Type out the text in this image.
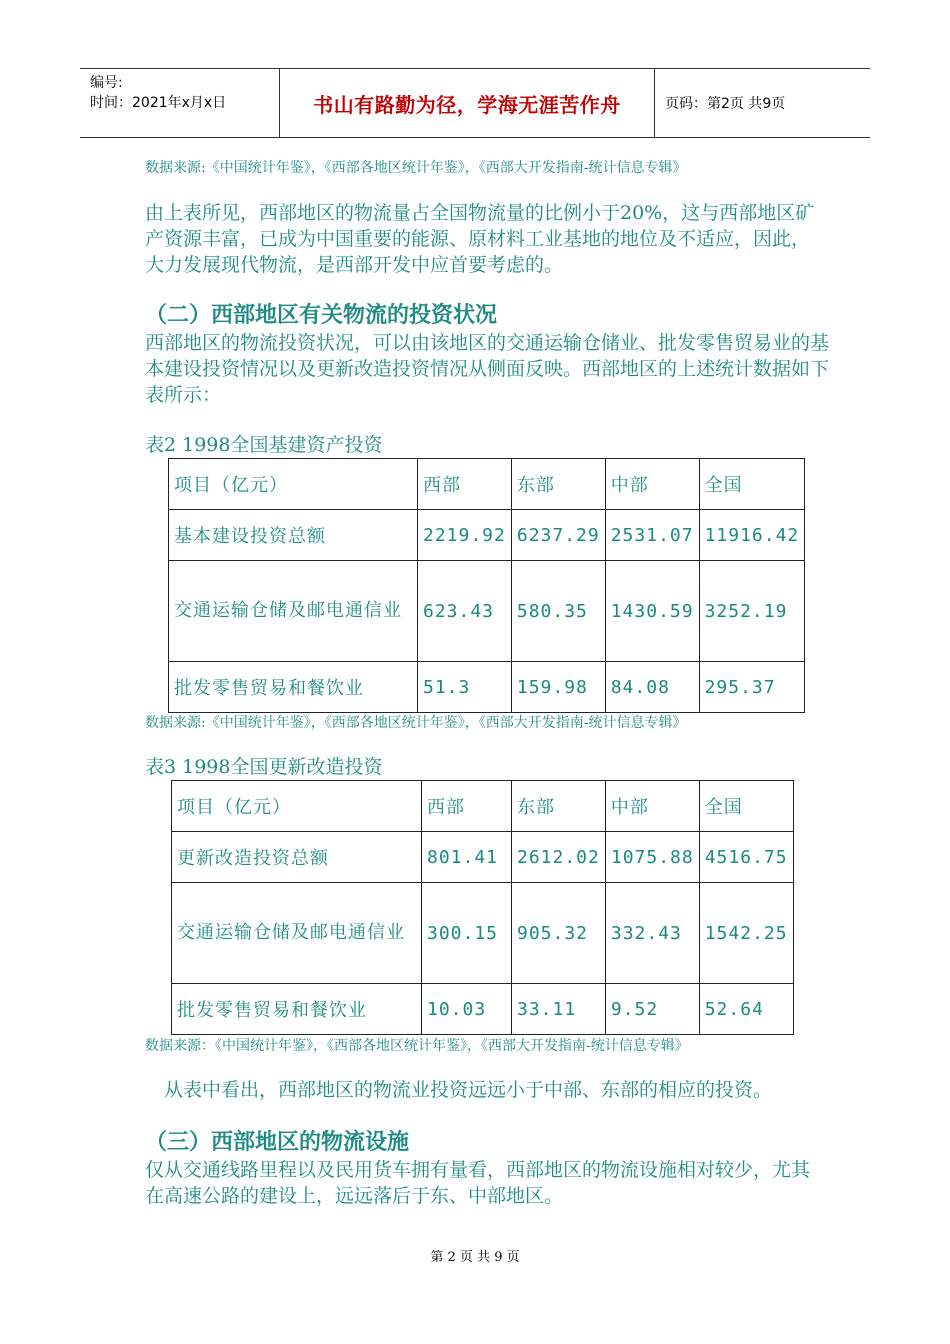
编号:
时间：2021年x月x日	书山有路勤为径，学海无涯苦作舟	页码：第2页 共9页
数据来源:《中国统计年鉴》，《西部各地区统计年鉴》，《西部大开发指南-统计信息专辑》
由上表所见，西部地区的物流量占全国物流量的比例小于20%，这与西部地区矿产资源丰富，已成为中国重要的能源、原材料工业基地的地位及不适应，因此，大力发展现代物流，是西部开发中应首要考虑的。
（二）西部地区有关物流的投资状况
西部地区的物流投资状况，可以由该地区的交通运输仓储业、批发零售贸易业的基本建设投资情况以及更新改造投资情况从侧面反映。西部地区的上述统计数据如下表所示：
表2 1998全国基建资产投资
项目（亿元）	西部	东部	中部	全国
基本建设投资总额	2219.92	6237.29	2531.07	11916.42
交通运输仓储及邮电通信业	623.43	580.35	1430.59	3252.19
批发零售贸易和餐饮业	51.3	159.98	84.08	295.37
数据来源:《中国统计年鉴》，《西部各地区统计年鉴》，《西部大开发指南-统计信息专辑》
表3 1998全国更新改造投资
项目（亿元）	西部	东部	中部	全国
更新改造投资总额	801.41	2612.02	1075.88	4516.75
交通运输仓储及邮电通信业	300.15	905.32	332.43	1542.25
批发零售贸易和餐饮业	10.03	33.11	9.52	52.64
数据来源：《中国统计年鉴》，《西部各地区统计年鉴》，《西部大开发指南-统计信息专辑》
　从表中看出，西部地区的物流业投资远远小于中部、东部的相应的投资。
（三）西部地区的物流设施
仅从交通线路里程以及民用货车拥有量看，西部地区的物流设施相对较少，尤其在高速公路的建设上，远远落后于东、中部地区。
第 2 页 共 9 页
